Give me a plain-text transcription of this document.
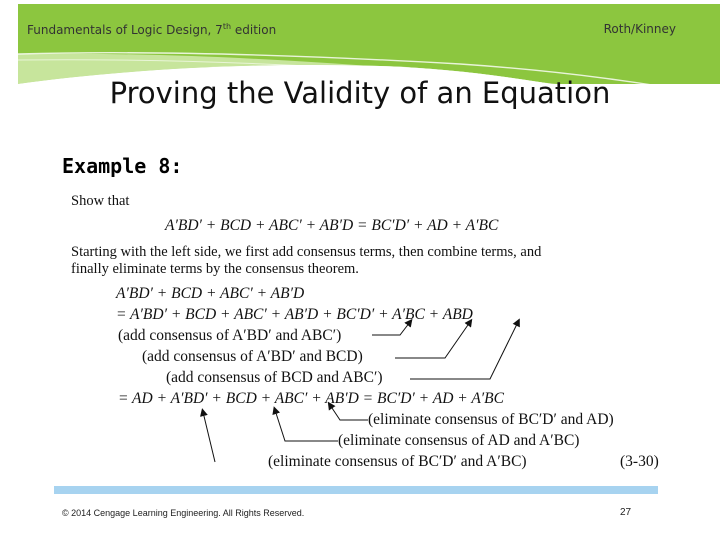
Fundamentals of Logic Design, 7th edition	Roth/Kinney
Proving the Validity of an Equation
Example 8:
Show that
A′BD′ + BCD + ABC′ + AB′D = BC′D′ + AD + A′BC
Starting with the left side, we first add consensus terms, then combine terms, and
finally eliminate terms by the consensus theorem.
A′BD′ + BCD + ABC′ + AB′D
= A′BD′ + BCD + ABC′ + AB′D + BC′D′ + A′BC + ABD
(add consensus of A′BD′ and ABC′)
(add consensus of A′BD′ and BCD)
(add consensus of BCD and ABC′)
= AD + A′BD′ + BCD + ABC′ + AB′D = BC′D′ + AD + A′BC
(eliminate consensus of BC′D′ and AD)
(eliminate consensus of AD and A′BC)
(eliminate consensus of BC′D′ and A′BC)	(3-30)
© 2014 Cengage Learning Engineering. All Rights Reserved.	27
